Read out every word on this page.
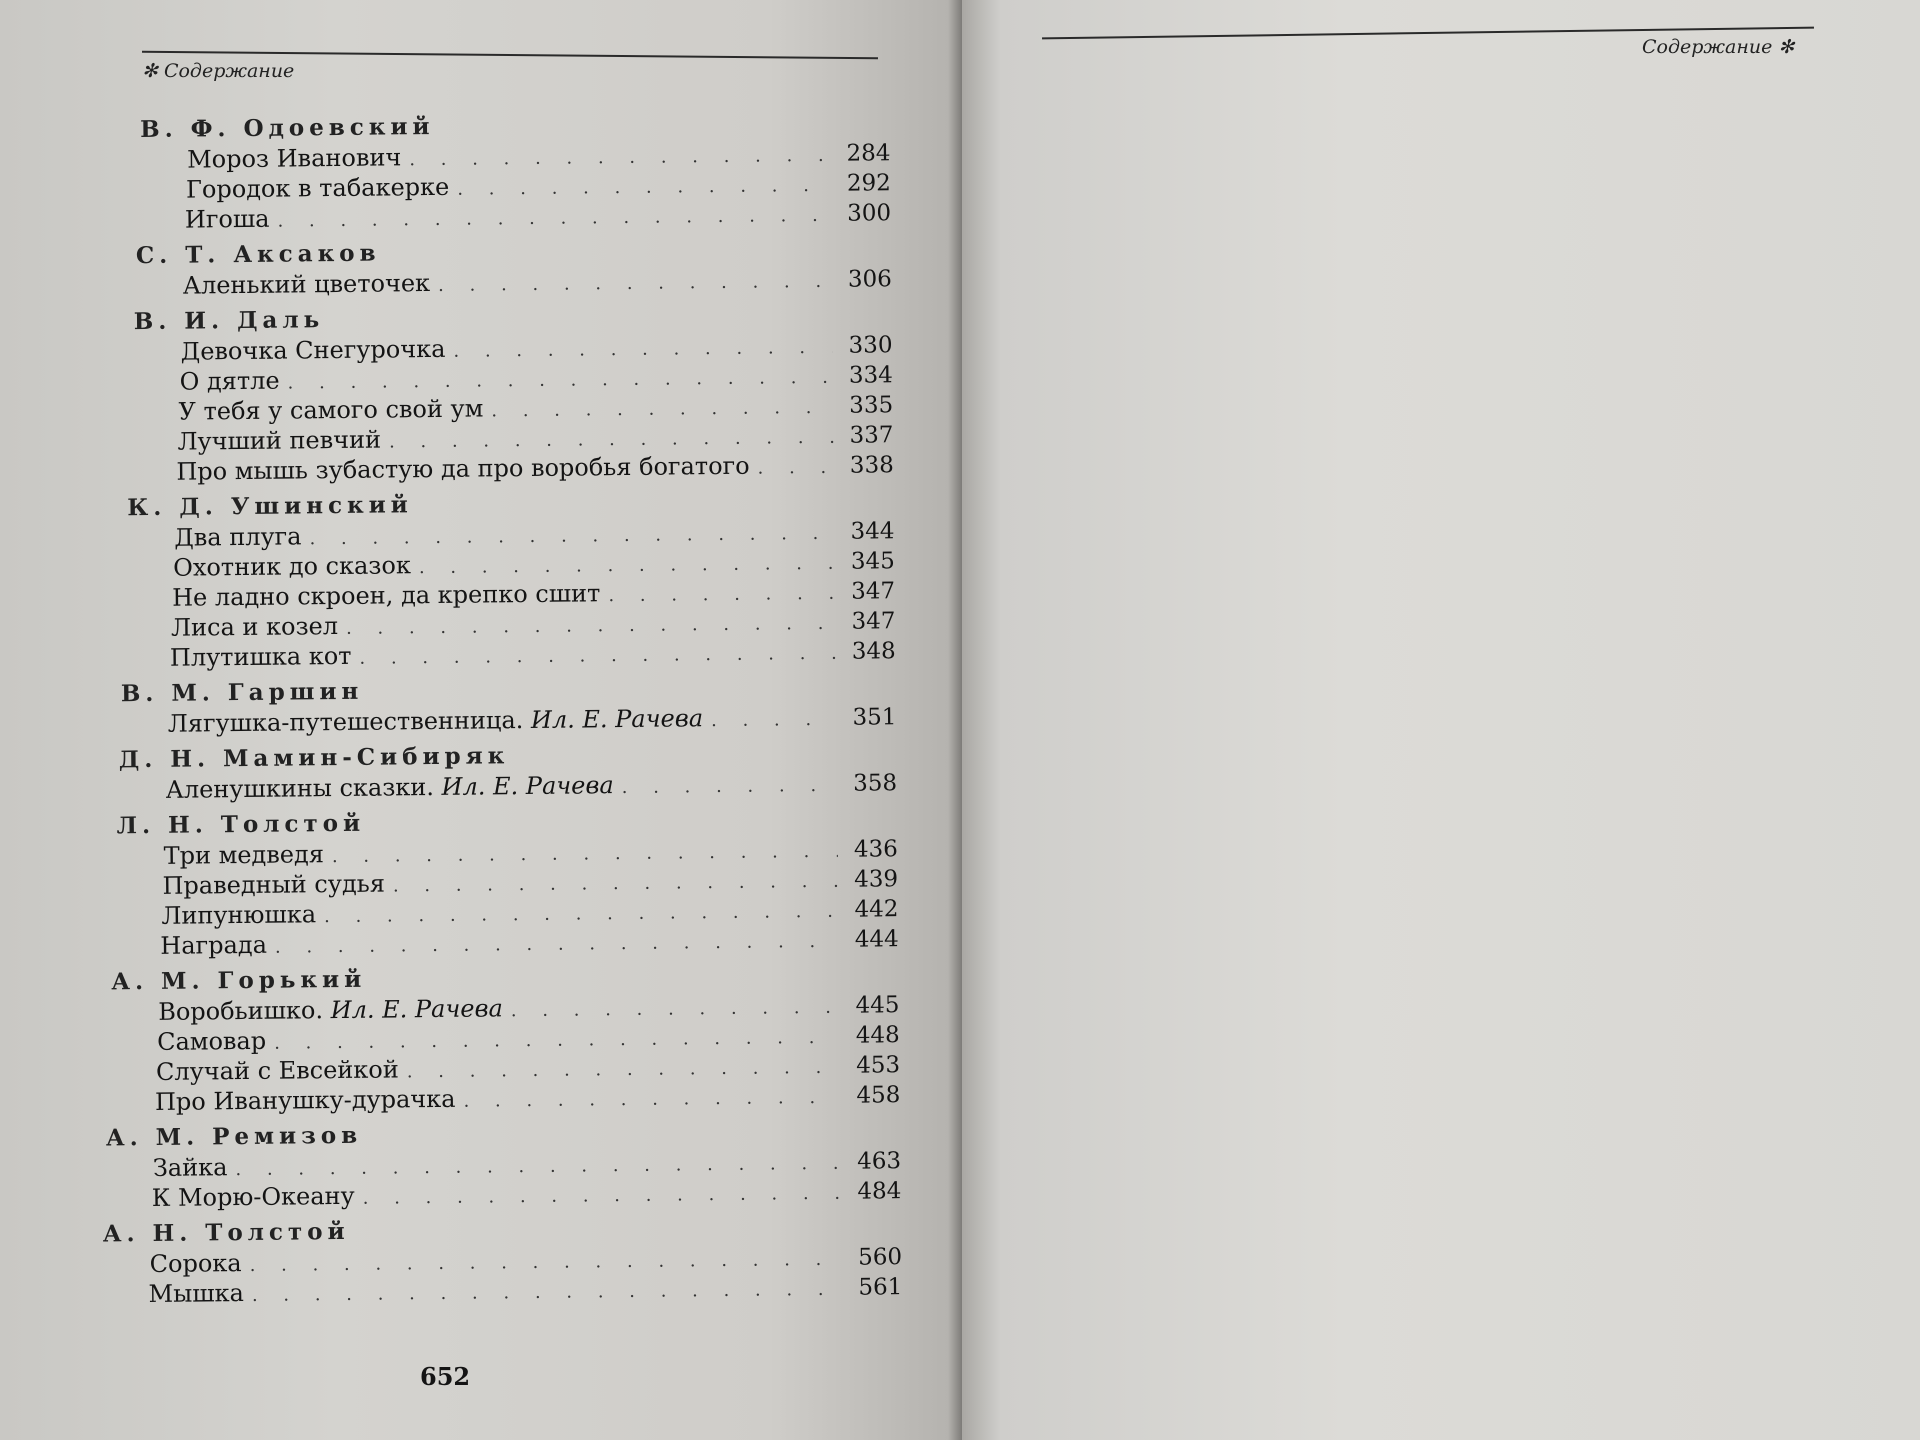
✻ Содержание
В. Ф. Одоевский
Мороз Иванович . . .	284
Городок в табакерке . . .	292
Игоша . . .	300
С. Т. Аксаков
Аленький цветочек . . .	306
В. И. Даль
Девочка Снегурочка . . .	330
О дятле . . .	334
У тебя у самого свой ум . . .	335
Лучший певчий . . .	337
Про мышь зубастую да про воробья богатого . . .	338
К. Д. Ушинский
Два плуга . . .	344
Охотник до сказок . . .	345
Не ладно скроен, да крепко сшит . . .	347
Лиса и козел . . .	347
Плутишка кот . . .	348
В. М. Гаршин
Лягушка-путешественница. Ил. Е. Рачева . . .	351
Д. Н. Мамин-Сибиряк
Аленушкины сказки. Ил. Е. Рачева . . .	358
Л. Н. Толстой
Три медведя . . .	436
Праведный судья . . .	439
Липунюшка . . .	442
Награда . . .	444
А. М. Горький
Воробьишко. Ил. Е. Рачева . . .	445
Самовар . . .	448
Случай с Евсейкой . . .	453
Про Иванушку-дурачка . . .	458
А. М. Ремизов
Зайка . . .	463
К Морю-Океану . . .	484
А. Н. Толстой
Сорока . . .	560
Мышка . . .	561
652
Содержание ✻
